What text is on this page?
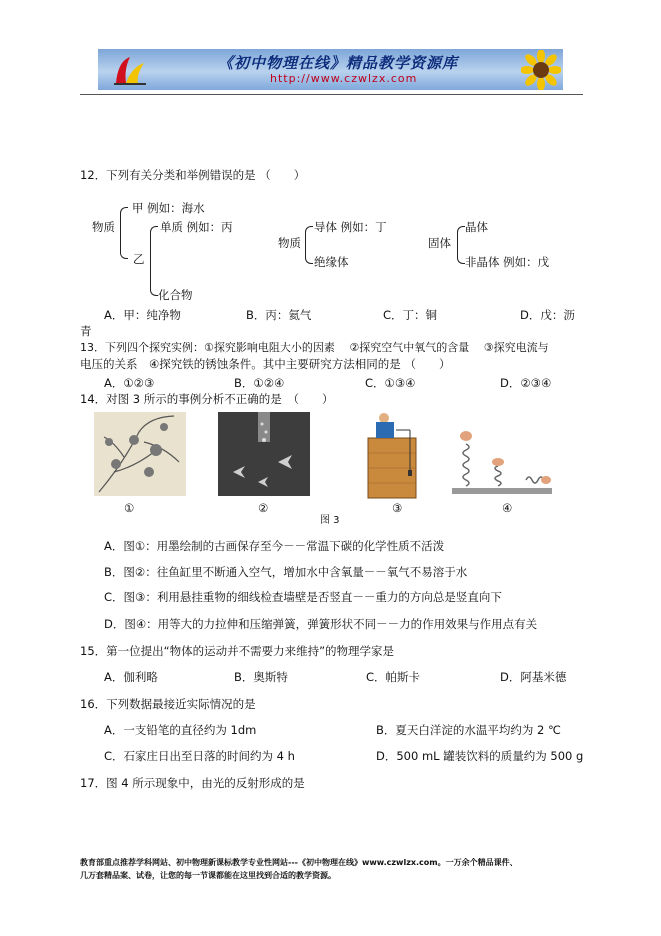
《初中物理在线》精品教学资源库
http://www.czwlzx.com
12．下列有关分类和举例错误的是 （　　）
物质
甲 例如：海水
单质 例如：丙
乙
化合物
物质
导体 例如：丁
绝缘体
固体
晶体
非晶体 例如：戊
A．甲：纯净物	B．丙：氦气	C．丁：铜	D．戊：沥
青
13．下列四个探究实例：①探究影响电阻大小的因素　 ②探究空气中氧气的含量　 ③探究电流与
电压的关系　④探究铁的锈蚀条件。其中主要研究方法相同的是 （　　）
A．①②③	B．①②④	C．①③④	D．②③④
14．对图 3 所示的事例分析不正确的是　（　　）
①	②	③	④
图 3
A．图①：用墨绘制的古画保存至今－－常温下碳的化学性质不活泼
B．图②：往鱼缸里不断通入空气，增加水中含氧量－－氧气不易溶于水
C．图③：利用悬挂重物的细线检查墙壁是否竖直－－重力的方向总是竖直向下
D．图④：用等大的力拉伸和压缩弹簧，弹簧形状不同－－力的作用效果与作用点有关
15．第一位提出“物体的运动并不需要力来维持”的物理学家是
A．伽利略	B．奥斯特	C．帕斯卡	D．阿基米德
16．下列数据最接近实际情况的是
A．一支铅笔的直径约为 1dm	B．夏天白洋淀的水温平均约为 2 ℃
C．石家庄日出至日落的时间约为 4 h	D．500 mL 罐装饮料的质量约为 500 g
17．图 4 所示现象中，由光的反射形成的是
教育部重点推荐学科网站、初中物理新课标教学专业性网站---《初中物理在线》www.czwlzx.com。一万余个精品课件、
几万套精品案、试卷，让您的每一节课都能在这里找到合适的教学资源。
